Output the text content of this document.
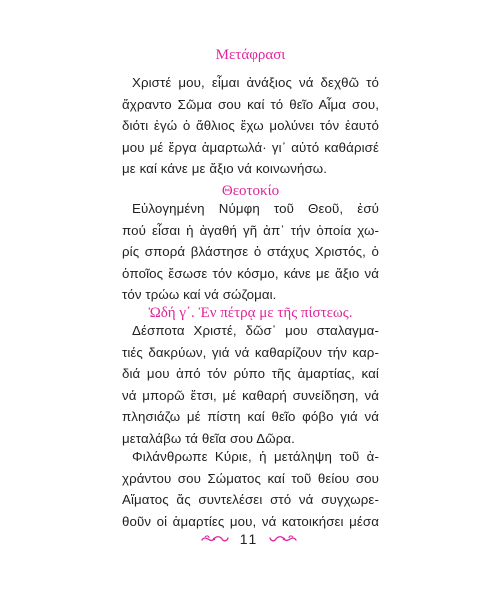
Μετάφρασι
Χριστέ μου, εἶμαι ἀνάξιος νά δεχθῶ τό
ἄχραντο Σῶμα σου καί τό θεῖο Αἶμα σου,
διότι ἐγώ ὁ ἄθλιος ἔχω μολύνει τόν ἑαυτό
μου μέ ἔργα ἁμαρτωλά· γι᾿ αὐτό καθάρισέ
με καί κάνε με ἄξιο νά κοινωνήσω.
Θεοτοκίο
Εὐλογημένη Νύμφη τοῦ Θεοῦ, ἐσύ
πού εἶσαι ἡ ἀγαθή γῆ ἀπ᾿ τήν ὁποία χω-
ρίς σπορά βλάστησε ὁ στάχυς Χριστός, ὁ
ὁποῖος ἔσωσε τόν κόσμο, κάνε με ἄξιο νά
τόν τρώω καί νά σώζομαι.
Ὠδή γ᾿. Ἐν πέτρᾳ με τῆς πίστεως.
Δέσποτα Χριστέ, δῶσ᾿ μου σταλαγμα-
τιές δακρύων, γιά νά καθαρίζουν τήν καρ-
διά μου ἀπό τόν ρύπο τῆς ἁμαρτίας, καί
νά μπορῶ ἔτσι, μέ καθαρή συνείδηση, νά
πλησιάζω μέ πίστη καί θεῖο φόβο γιά νά
μεταλάβω τά θεῖα σου Δῶρα.
Φιλάνθρωπε Κύριε, ἡ μετάληψη τοῦ ἀ-
χράντου σου Σώματος καί τοῦ θείου σου
Αἵματος ἄς συντελέσει στό νά συγχωρε-
θοῦν οἱ ἁμαρτίες μου, νά κατοικήσει μέσα
11
